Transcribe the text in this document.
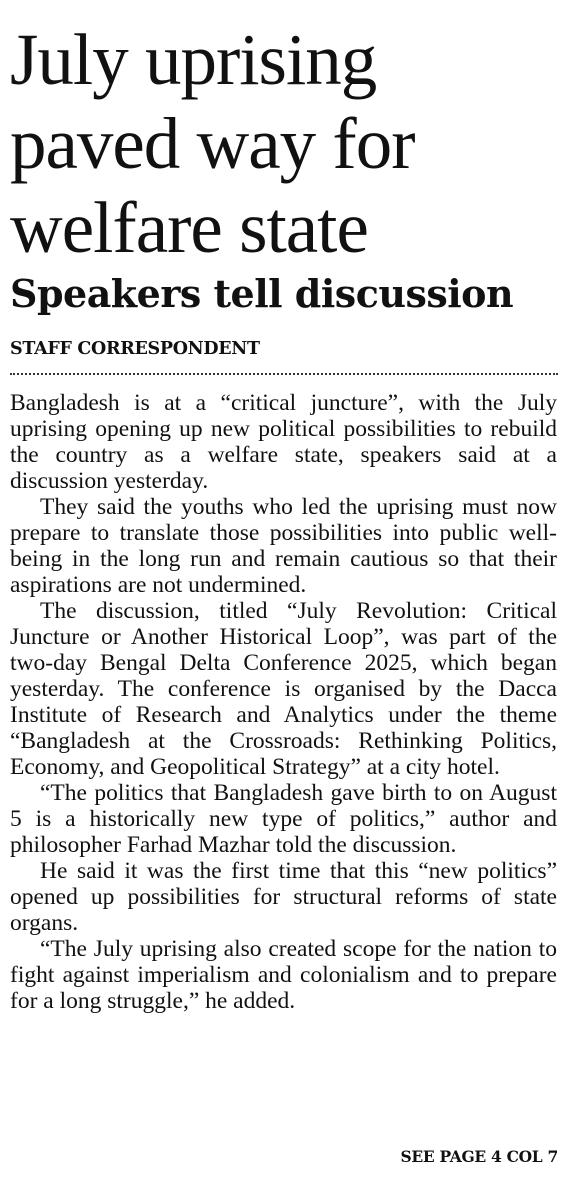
July uprising
paved way for
welfare state
Speakers tell discussion
STAFF CORRESPONDENT

Bangladesh is at a “critical juncture”, with the July uprising opening up new political possibilities to rebuild the country as a welfare state, speakers said at a discussion yesterday.

They said the youths who led the uprising must now prepare to translate those possibilities into public well-being in the long run and remain cautious so that their aspirations are not undermined.

The discussion, titled “July Revolution: Critical Juncture or Another Historical Loop”, was part of the two-day Bengal Delta Conference 2025, which began yesterday. The conference is organised by the Dacca Institute of Research and Analytics under the theme “Bangladesh at the Crossroads: Rethinking Politics, Economy, and Geopolitical Strategy” at a city hotel.

“The politics that Bangladesh gave birth to on August 5 is a historically new type of politics,” author and philosopher Farhad Mazhar told the discussion.

He said it was the first time that this “new politics” opened up possibilities for structural reforms of state organs.

“The July uprising also created scope for the nation to fight against imperialism and colonialism and to prepare for a long struggle,” he added.

SEE PAGE 4 COL 7
